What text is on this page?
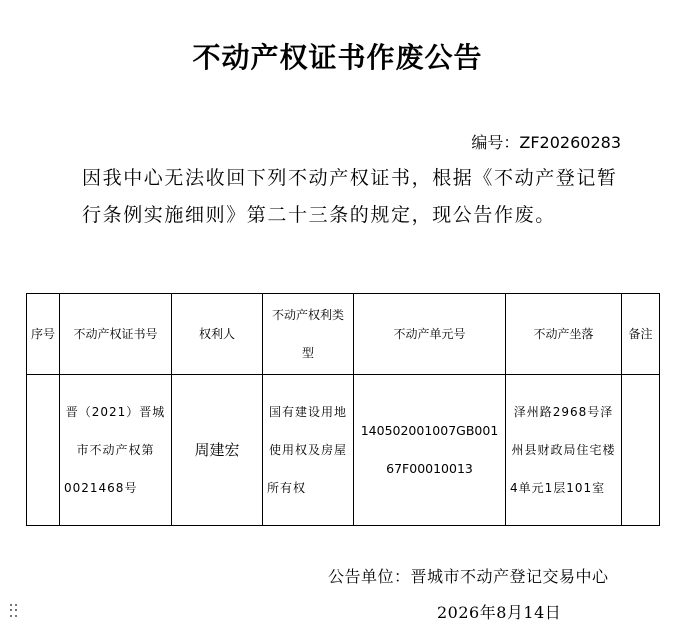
不动产权证书作废公告
编号：ZF20260283
因我中心无法收回下列不动产权证书，根据《不动产登记暂行条例实施细则》第二十三条的规定，现公告作废。
序号	不动产权证书号	权利人	不动产权利类型	不动产单元号	不动产坐落	备注
	晋（2021）晋城市不动产权第0021468号	周建宏	国有建设用地使用权及房屋所有权	140502001007GB00167F00010013	泽州路2968号泽州县财政局住宅楼4单元1层101室	
公告单位：晋城市不动产登记交易中心
2026年8月14日
